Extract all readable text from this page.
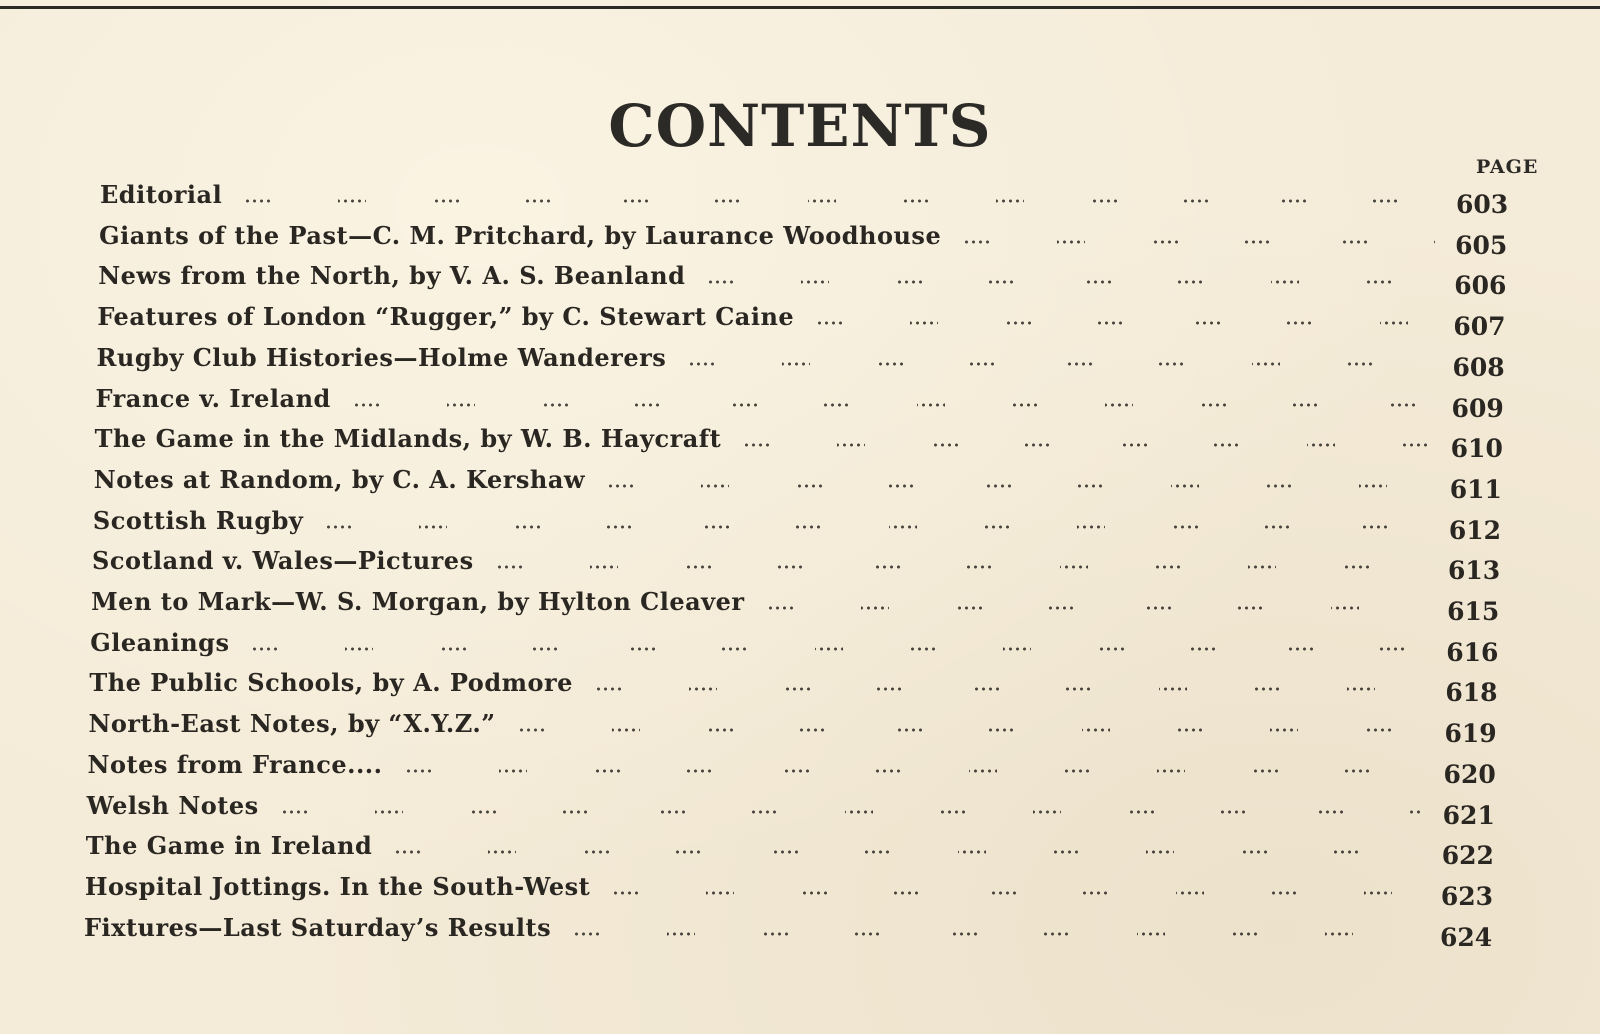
CONTENTS
PAGE
Editorial	603
Giants of the Past—C. M. Pritchard, by Laurance Woodhouse	605
News from the North, by V. A. S. Beanland	606
Features of London “Rugger,” by C. Stewart Caine	607
Rugby Club Histories—Holme Wanderers	608
France v. Ireland	609
The Game in the Midlands, by W. B. Haycraft	610
Notes at Random, by C. A. Kershaw	611
Scottish Rugby	612
Scotland v. Wales—Pictures	613
Men to Mark—W. S. Morgan, by Hylton Cleaver	615
Gleanings	616
The Public Schools, by A. Podmore	618
North-East Notes, by “X.Y.Z.”	619
Notes from France....	620
Welsh Notes	621
The Game in Ireland	622
Hospital Jottings. In the South-West	623
Fixtures—Last Saturday’s Results	624
